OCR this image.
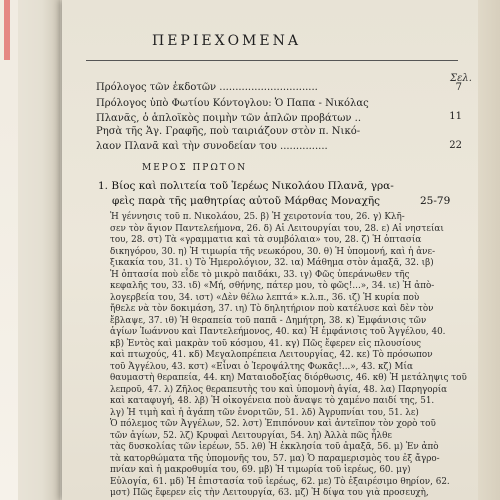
ΠΕΡΙΕΧΟΜΕΝΑ
Σελ.
Πρόλογος τῶν ἐκδοτῶν ...............................	7
Πρόλογος ὑπὸ Φωτίου Κόντογλου: Ὁ Παπα - Νικόλας
Πλανᾶς, ὁ ἁπλοϊκὸς ποιμὴν τῶν ἁπλῶν προβάτων ..	11
Ρησὰ τῆς Ἁγ. Γραφῆς, ποὺ ταιριάζουν στὸν π. Νικό-
λαον Πλανᾶ καὶ τὴν συνοδείαν του ...............	22
ΜΕΡΟΣ ΠΡΩΤΟΝ
1. Βίος καὶ πολιτεία τοῦ Ἱερέως Νικολάου Πλανᾶ, γρα-
φεὶς παρὰ τῆς μαθητρίας αὐτοῦ Μάρθας Μοναχῆς	25-79
Ἡ γέννησις τοῦ π. Νικολάου, 25. β) Ἡ χειροτονία του, 26. γ) Κλῆ-
σεν τὸν ἅγιον Παντελεήμονα, 26. δ) Αἱ Λειτουργίαι του, 28. ε) Αἱ νηστείαι
του, 28. στ) Τὰ «γραμματια καὶ τὰ συμβόλαια» του, 28. ζ) Ἡ ὀπτασία
δικηγόρου, 30. η) Ἡ τιμωρία τῆς νεωκόρου, 30. θ) Ἡ ὑπομονή, καὶ ἡ ἀνε-
ξικακία του, 31. ι) Τὸ Ἡμερολόγιον, 32. ια) Μάθημα στὸν ἀμαξᾶ, 32. ιβ)
Ἡ ὀπτασία ποὺ εἶδε τὸ μικρὸ παιδάκι, 33. ιγ) Φῶς ὑπεράνωθεν τῆς
κεφαλῆς του, 33. ιδ) «Μή, σθήνης, πάτερ μου, τὸ φῶς!...», 34. ιε) Ἡ ἀπὸ-
λογερβεία του, 34. ιστ) «Δὲν θέλω λεπτά» κ.λ.π., 36. ιζ) Ἡ κυρία ποὺ
ἤθελε νὰ τὸν δοκιμάση, 37. ιη) Τὸ δηλητήριον ποὺ κατέλυσε καὶ δὲν τὸν
ἔβλαψε, 37. ιθ) Ἡ θεραπεία τοῦ παπᾶ - Δημήτρη, 38. κ) Ἐμφάνισις τῶν
ἁγίων Ἰωάννου καὶ Παντελεήμονος, 40. κα) Ἡ ἐμφάνισις τοῦ Ἀγγέλου, 40.
κβ) Ἐντὸς καὶ μακρὰν τοῦ κόσμου, 41. κγ) Πῶς ἔφερεν εἰς πλουσίους
καὶ πτωχούς, 41. κδ) Μεγαλοπρέπεια Λειτουργίας, 42. κε) Τὸ πρόσωπον
τοῦ Ἀγγέλου, 43. κστ) «Εἶναι ὁ Ἱεροψάλτης Φωκᾶς!...», 43. κζ) Μία
θαυμαστὴ θεραπεία, 44. κη) Ματαιοδοξίας διόρθωσις, 46. κθ) Ἡ μετάληψις τοῦ
λεπροῦ, 47. λ) Ζῆλος θεραπευτὴς του καὶ ὑπομονὴ ἁγία, 48. λα) Παρηγορία
καὶ καταφυγή, 48. λβ) Ἡ οἰκογένεια ποὺ ἄναψε τὸ χαμένο παιδί της, 51.
λγ) Ἡ τιμὴ καὶ ἡ ἀγάπη τῶν ἐνοριτῶν, 51. λδ) Ἀγρυπνίαι του, 51. λε)
Ὁ πόλεμος τῶν Ἀγγέλων, 52. λστ) Ἐπιπόνουν καὶ ἀντεῖπον τὸν χορὸ τοῦ
τῶν ἀγίων, 52. λζ) Κρυφαὶ Λειτουργίαι, 54. λη) Ἀλλὰ πῶς ἦλθε
τὰς δυσκολίας τῶν ἱερέων, 55. λθ) Ἡ ἐκκλησία τοῦ ἀμαξᾶ, 56. μ) Ἐν ἀπὸ
τὰ κατορθώματα τῆς ὑπομονῆς του, 57. μα) Ὁ παραμερισμὸς του ἐξ ἄγρο-
πνίαν καὶ ἡ μακροθυμία του, 69. μβ) Ἡ τιμωρία τοῦ ἱερέως, 60. μγ)
Εὐλογία, 61. μδ) Ἡ ἐπιστασία τοῦ ἱερέως, 62. με) Τὸ ἐξαιρέσιμο θηρίον, 62.
μστ) Πῶς ἔφερεν εἰς τὴν Λειτουργία, 63. μζ) Ἡ δίψα του γιὰ προσευχὴ,
